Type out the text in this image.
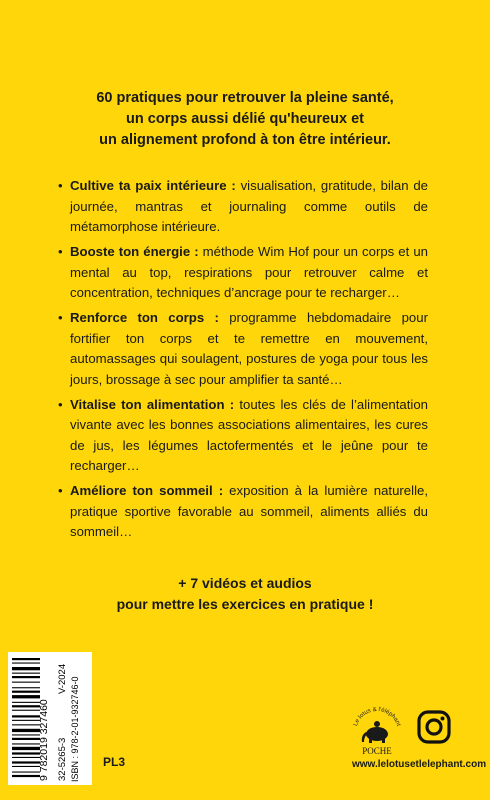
60 pratiques pour retrouver la pleine santé,
un corps aussi délié qu'heureux et
un alignement profond à ton être intérieur.
• Cultive ta paix intérieure : visualisation, gratitude, bilan de journée, mantras et journaling comme outils de métamorphose intérieure.
• Booste ton énergie : méthode Wim Hof pour un corps et un mental au top, respirations pour retrouver calme et concentration, techniques d’ancrage pour te recharger…
• Renforce ton corps : programme hebdomadaire pour fortifier ton corps et te remettre en mouvement, automassages qui soulagent, postures de yoga pour tous les jours, brossage à sec pour amplifier ta santé…
• Vitalise ton alimentation : toutes les clés de l’alimentation vivante avec les bonnes associations alimentaires, les cures de jus, les légumes lactofermentés et le jeûne pour te recharger…
• Améliore ton sommeil : exposition à la lumière naturelle, pratique sportive favorable au sommeil, aliments alliés du sommeil…
+ 7 vidéos et audios
pour mettre les exercices en pratique !
9 782019 327460 32-5265-3
V-2024 ISBN : 978-2-01-932746-0 PL3
Le lotus & l'éléphant
POCHE
www.lelotusetlelephant.com
